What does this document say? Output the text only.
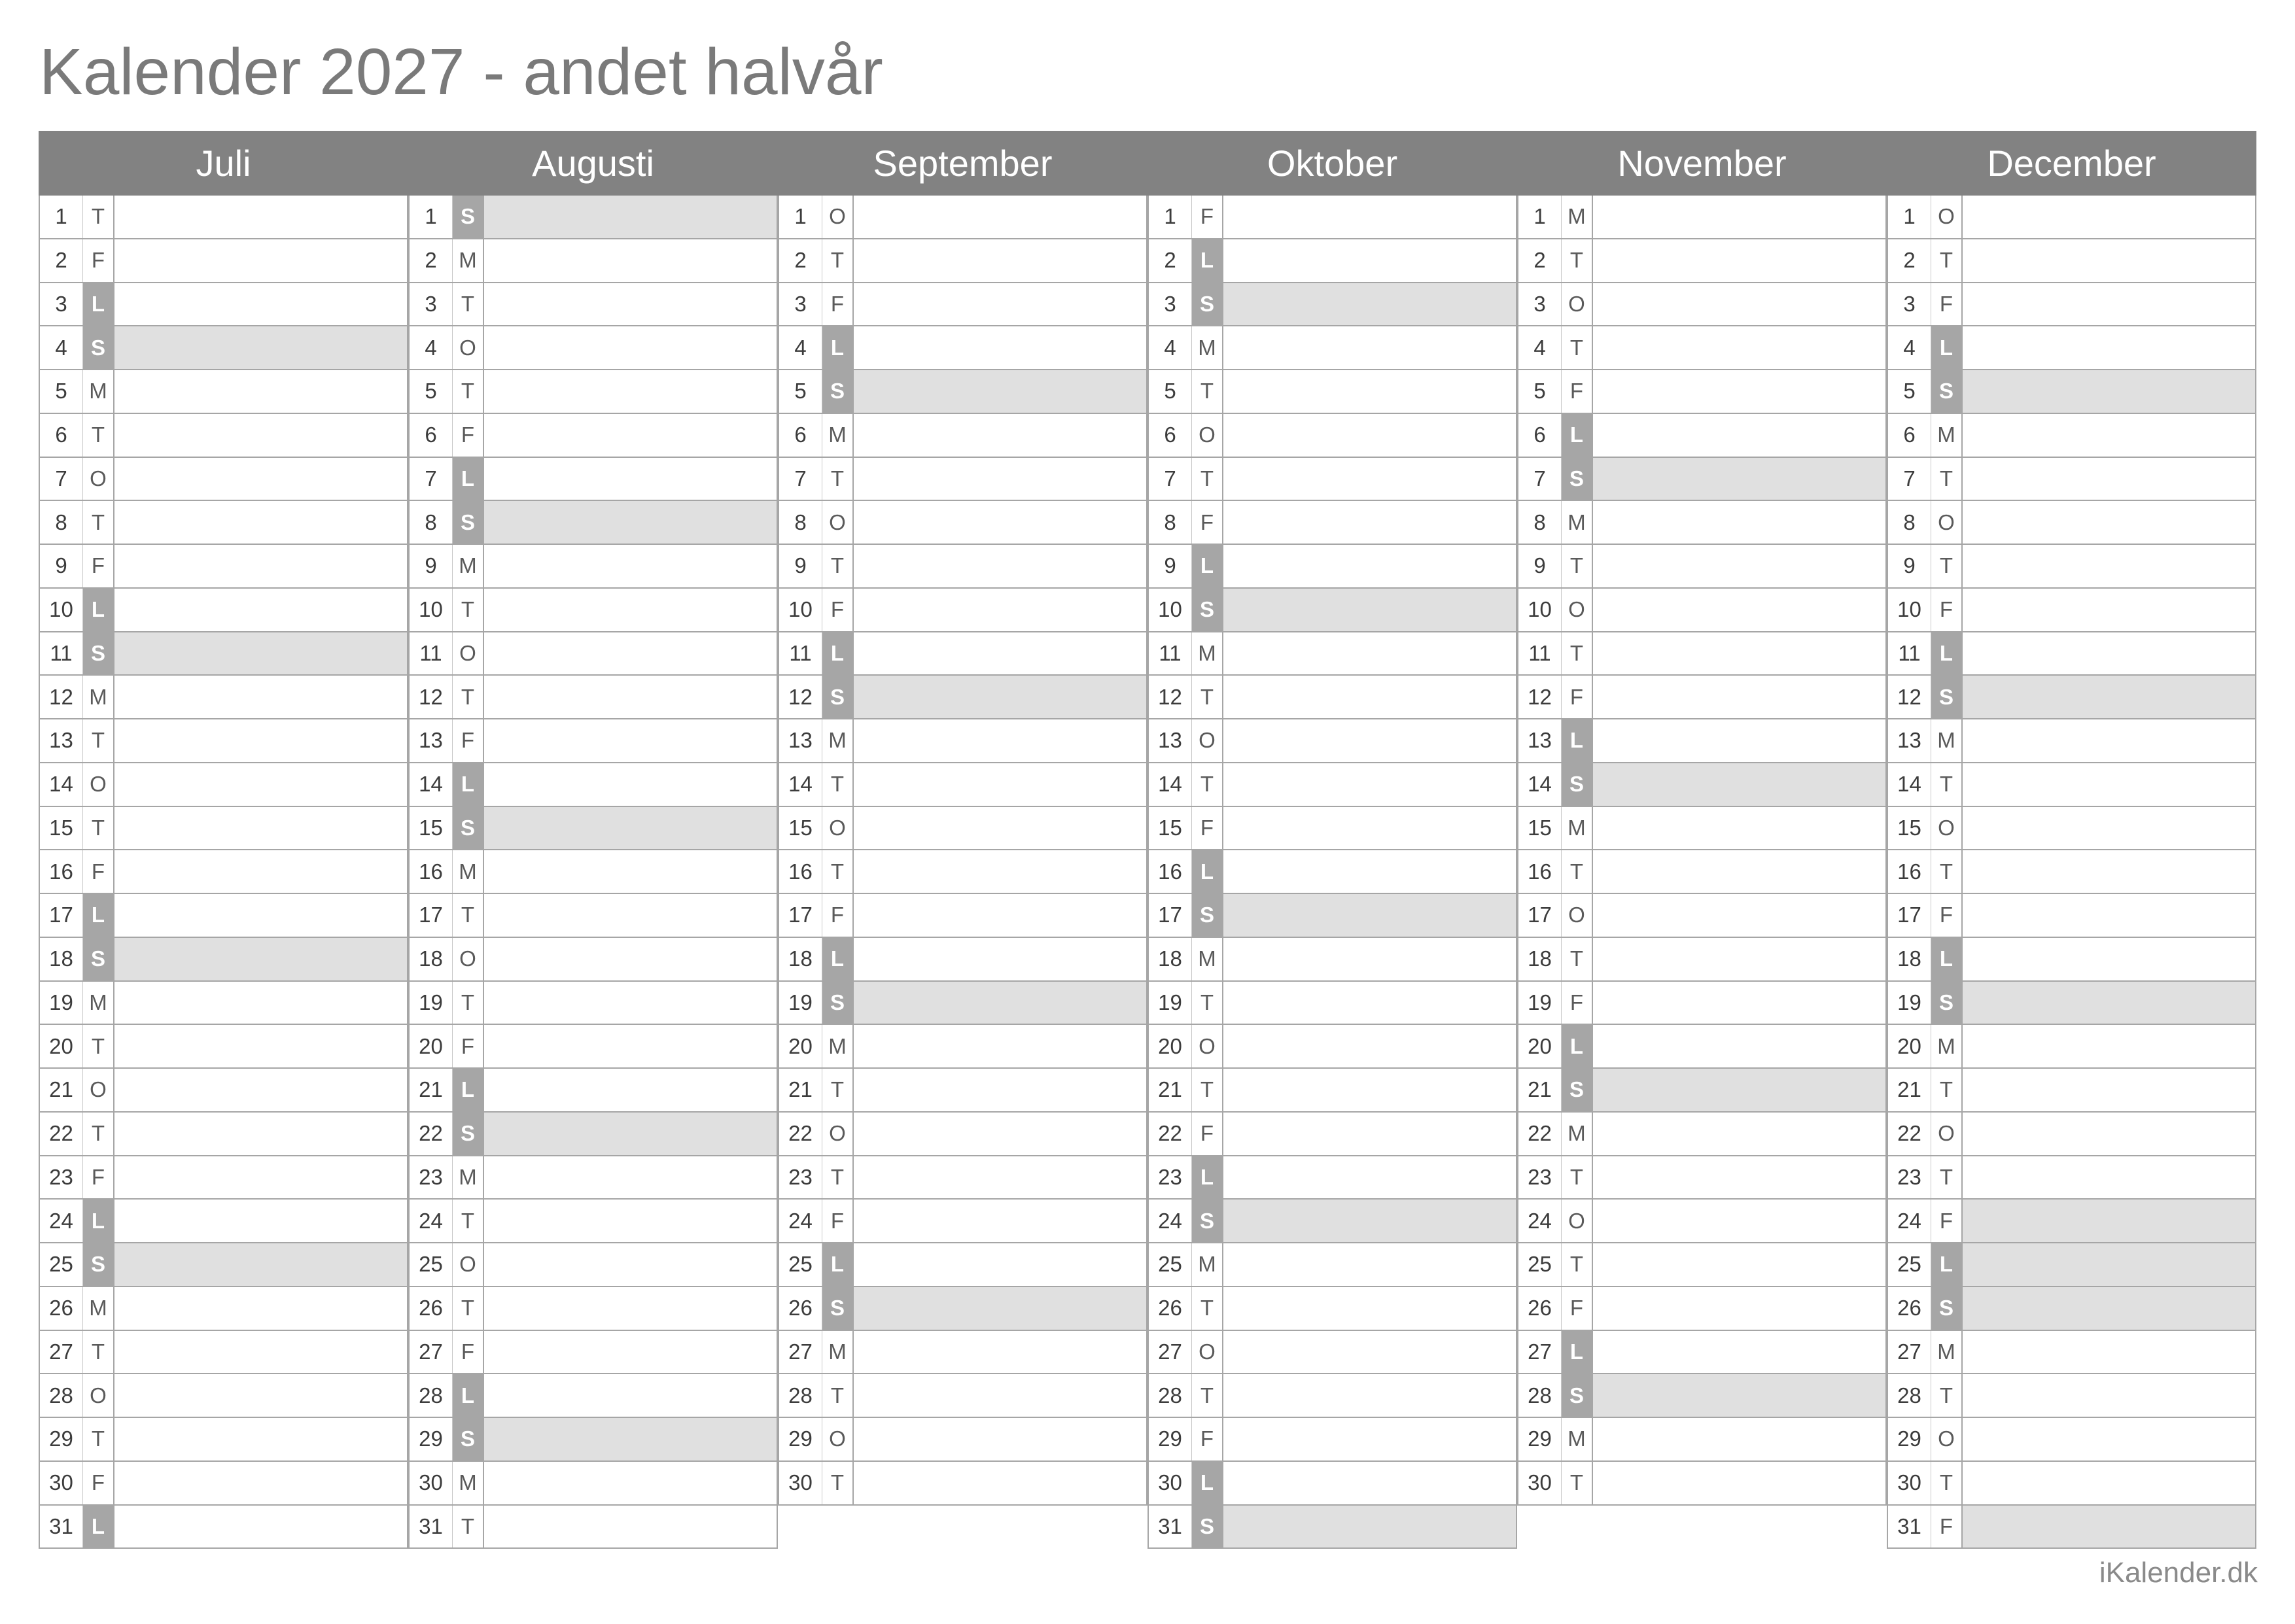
Kalender 2027 - andet halvår
Juli
1	T
2	F
3	L
4	S
5	M
6	T
7	O
8	T
9	F
10 L
11 S
12 M
13 T
14 O
15 T
16 F
17 L
18 S
19 M
20 T
21 O
22 T
23 F
24 L
25 S
26 M
27 T
28 O
29 T
30 F
31 L
Augusti
1	S
2	M
3	T
4	O
5	T
6	F
7	L
8	S
9	M
10 T
11 O
12 T
13 F
14 L
15 S
16 M
17 T
18 O
19 T
20 F
21 L
22 S
23 M
24 T
25 O
26 T
27 F
28 L
29 S
30 M
31 T
September
1	O
2	T
3	F
4	L
5	S
6	M
7	T
8	O
9	T
10 F
11 L
12 S
13 M
14 T
15 O
16 T
17 F
18 L
19 S
20 M
21 T
22 O
23 T
24 F
25 L
26 S
27 M
28 T
29 O
30 T
Oktober
1	F
2	L
3	S
4	M
5	T
6	O
7	T
8	F
9	L
10 S
11 M
12 T
13 O
14 T
15 F
16 L
17 S
18 M
19 T
20 O
21 T
22 F
23 L
24 S
25 M
26 T
27 O
28 T
29 F
30 L
31 S
November
1	M
2	T
3	O
4	T
5	F
6	L
7	S
8	M
9	T
10 O
11 T
12 F
13 L
14 S
15 M
16 T
17 O
18 T
19 F
20 L
21 S
22 M
23 T
24 O
25 T
26 F
27 L
28 S
29 M
30 T
December
1	O
2	T
3	F
4	L
5	S
6	M
7	T
8	O
9	T
10 F
11 L
12 S
13 M
14 T
15 O
16 T
17 F
18 L
19 S
20 M
21 T
22 O
23 T
24 F
25 L
26 S
27 M
28 T
29 O
30 T
31 F
iKalender.dk
